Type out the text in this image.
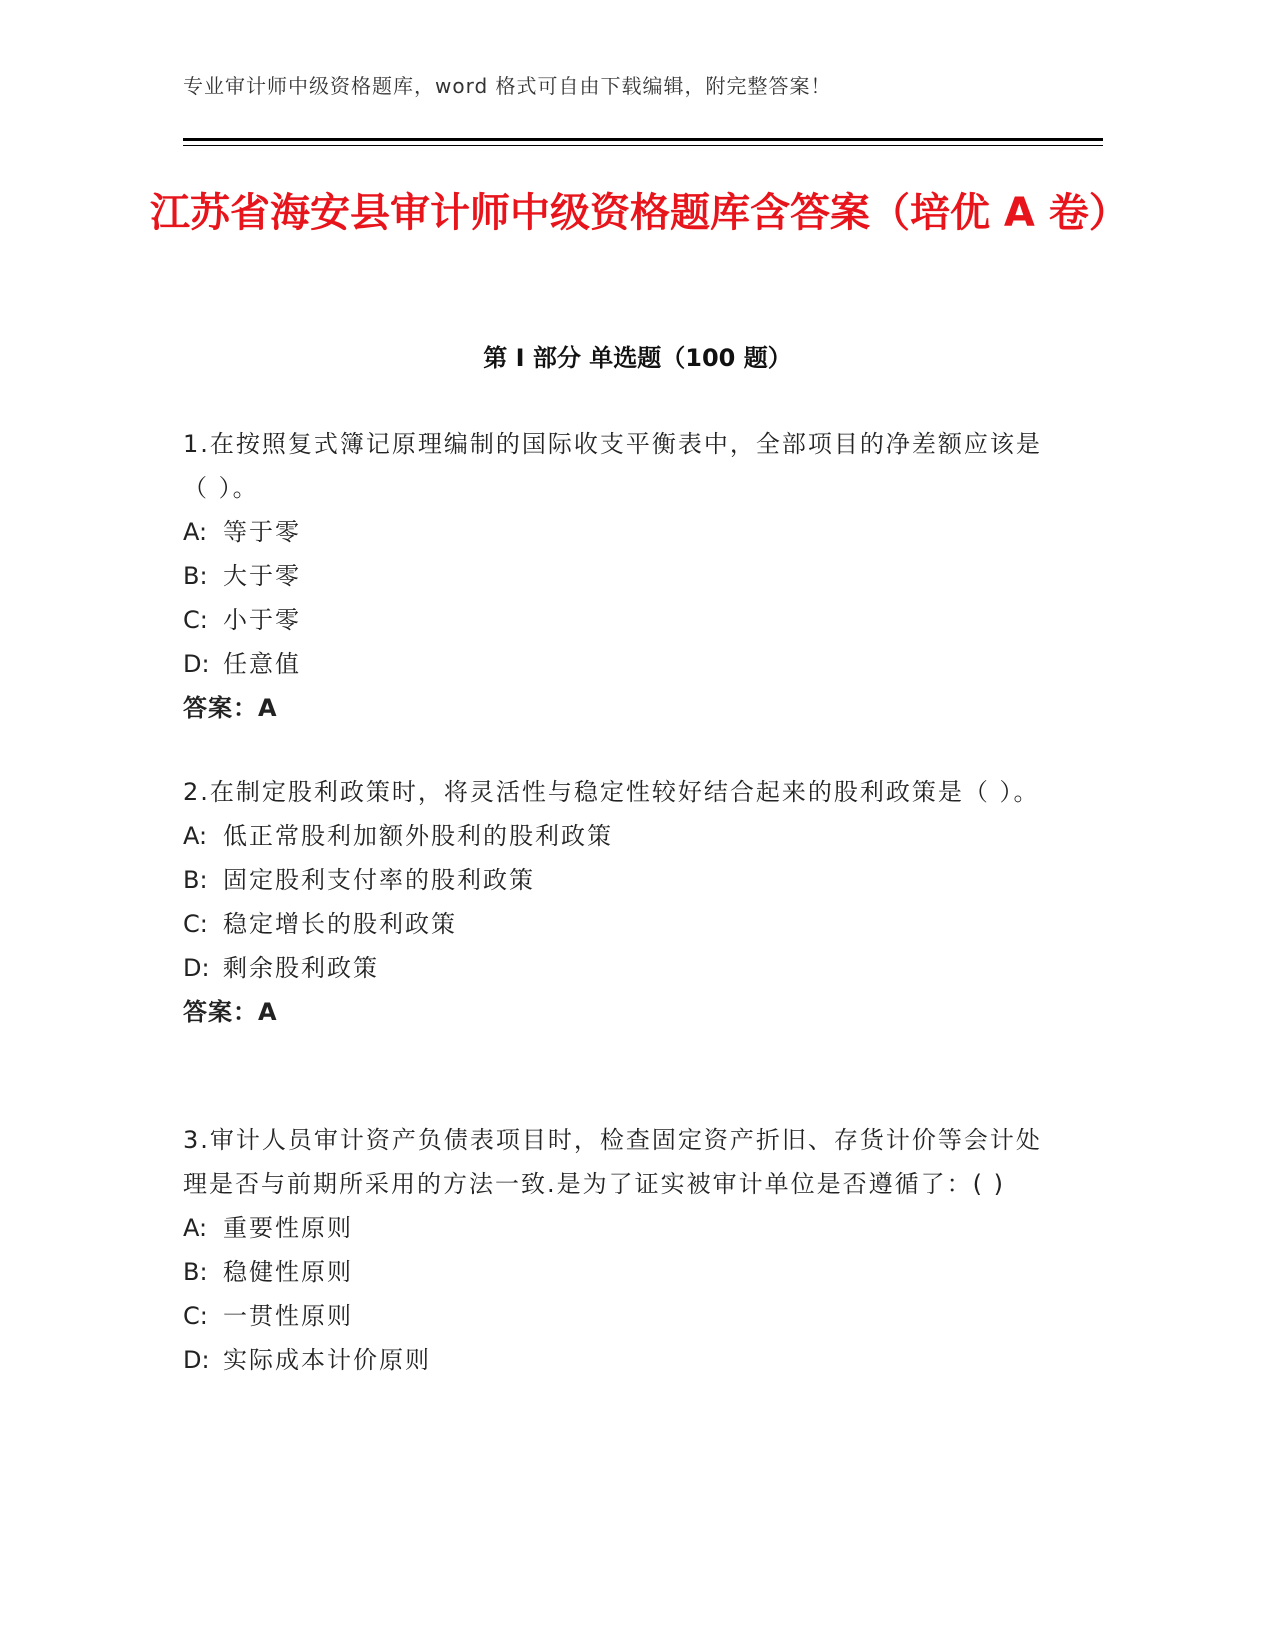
专业审计师中级资格题库，word 格式可自由下载编辑，附完整答案！
江苏省海安县审计师中级资格题库含答案（培优 A 卷）
第 I 部分 单选题（100 题）
1.在按照复式簿记原理编制的国际收支平衡表中，全部项目的净差额应该是（ ）。
A: 等于零
B: 大于零
C: 小于零
D: 任意值
答案：A
2.在制定股利政策时，将灵活性与稳定性较好结合起来的股利政策是（ ）。
A: 低正常股利加额外股利的股利政策
B: 固定股利支付率的股利政策
C: 稳定增长的股利政策
D: 剩余股利政策
答案：A
3.审计人员审计资产负债表项目时，检查固定资产折旧、存货计价等会计处理是否与前期所采用的方法一致.是为了证实被审计单位是否遵循了：( )
A: 重要性原则
B: 稳健性原则
C: 一贯性原则
D: 实际成本计价原则
